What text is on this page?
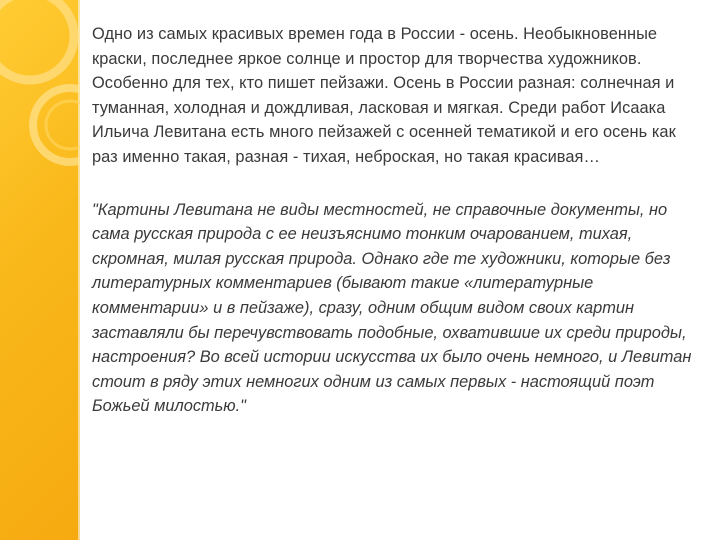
Одно из самых красивых времен года в России - осень. Необыкновенные краски, последнее яркое солнце и простор для творчества художников. Особенно для тех, кто пишет пейзажи. Осень в России разная: солнечная и туманная, холодная и дождливая, ласковая и мягкая. Среди работ Исаака Ильича Левитана есть много пейзажей с осенней тематикой и его осень как раз именно такая, разная - тихая, неброская, но такая красивая…

"Картины Левитана не виды местностей, не справочные документы, но сама русская природа с ее неизъяснимо тонким очарованием, тихая, скромная, милая русская природа. Однако где те художники, которые без литературных комментариев (бывают такие «литературные комментарии» и в пейзаже), сразу, одним общим видом своих картин заставляли бы перечувствовать подобные, охватившие их среди природы, настроения? Во всей истории искусства их было очень немного, и Левитан стоит в ряду этих немногих одним из самых первых - настоящий поэт Божьей милостью."
